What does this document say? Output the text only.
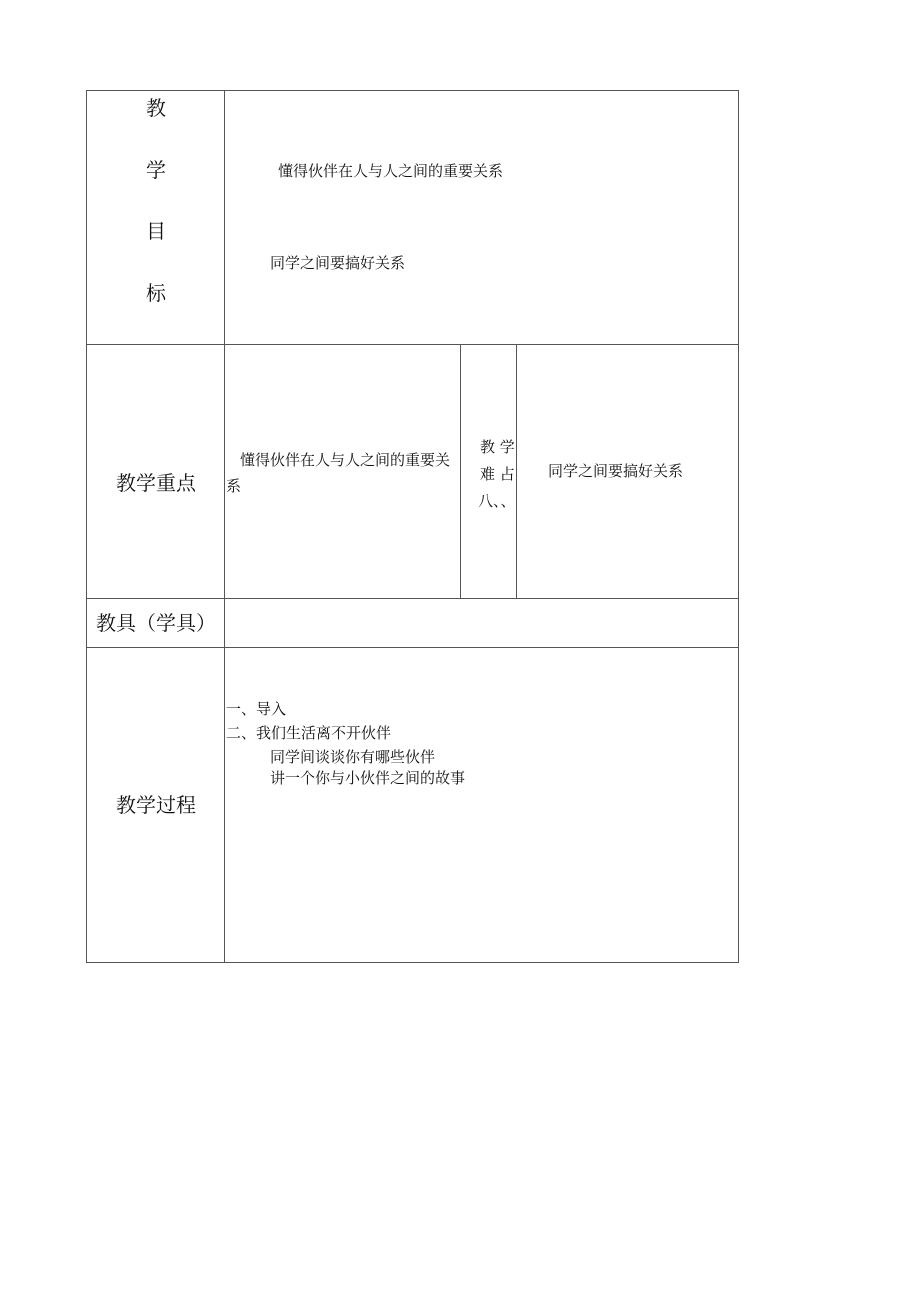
教
学
目
标
懂得伙伴在人与人之间的重要关系
同学之间要搞好关系
教学重点
懂得伙伴在人与人之间的重要关
系
教 学
难 占
八、、
同学之间要搞好关系
教具（学具）
教学过程
一、导入
二、我们生活离不开伙伴
同学间谈谈你有哪些伙伴
讲一个你与小伙伴之间的故事
